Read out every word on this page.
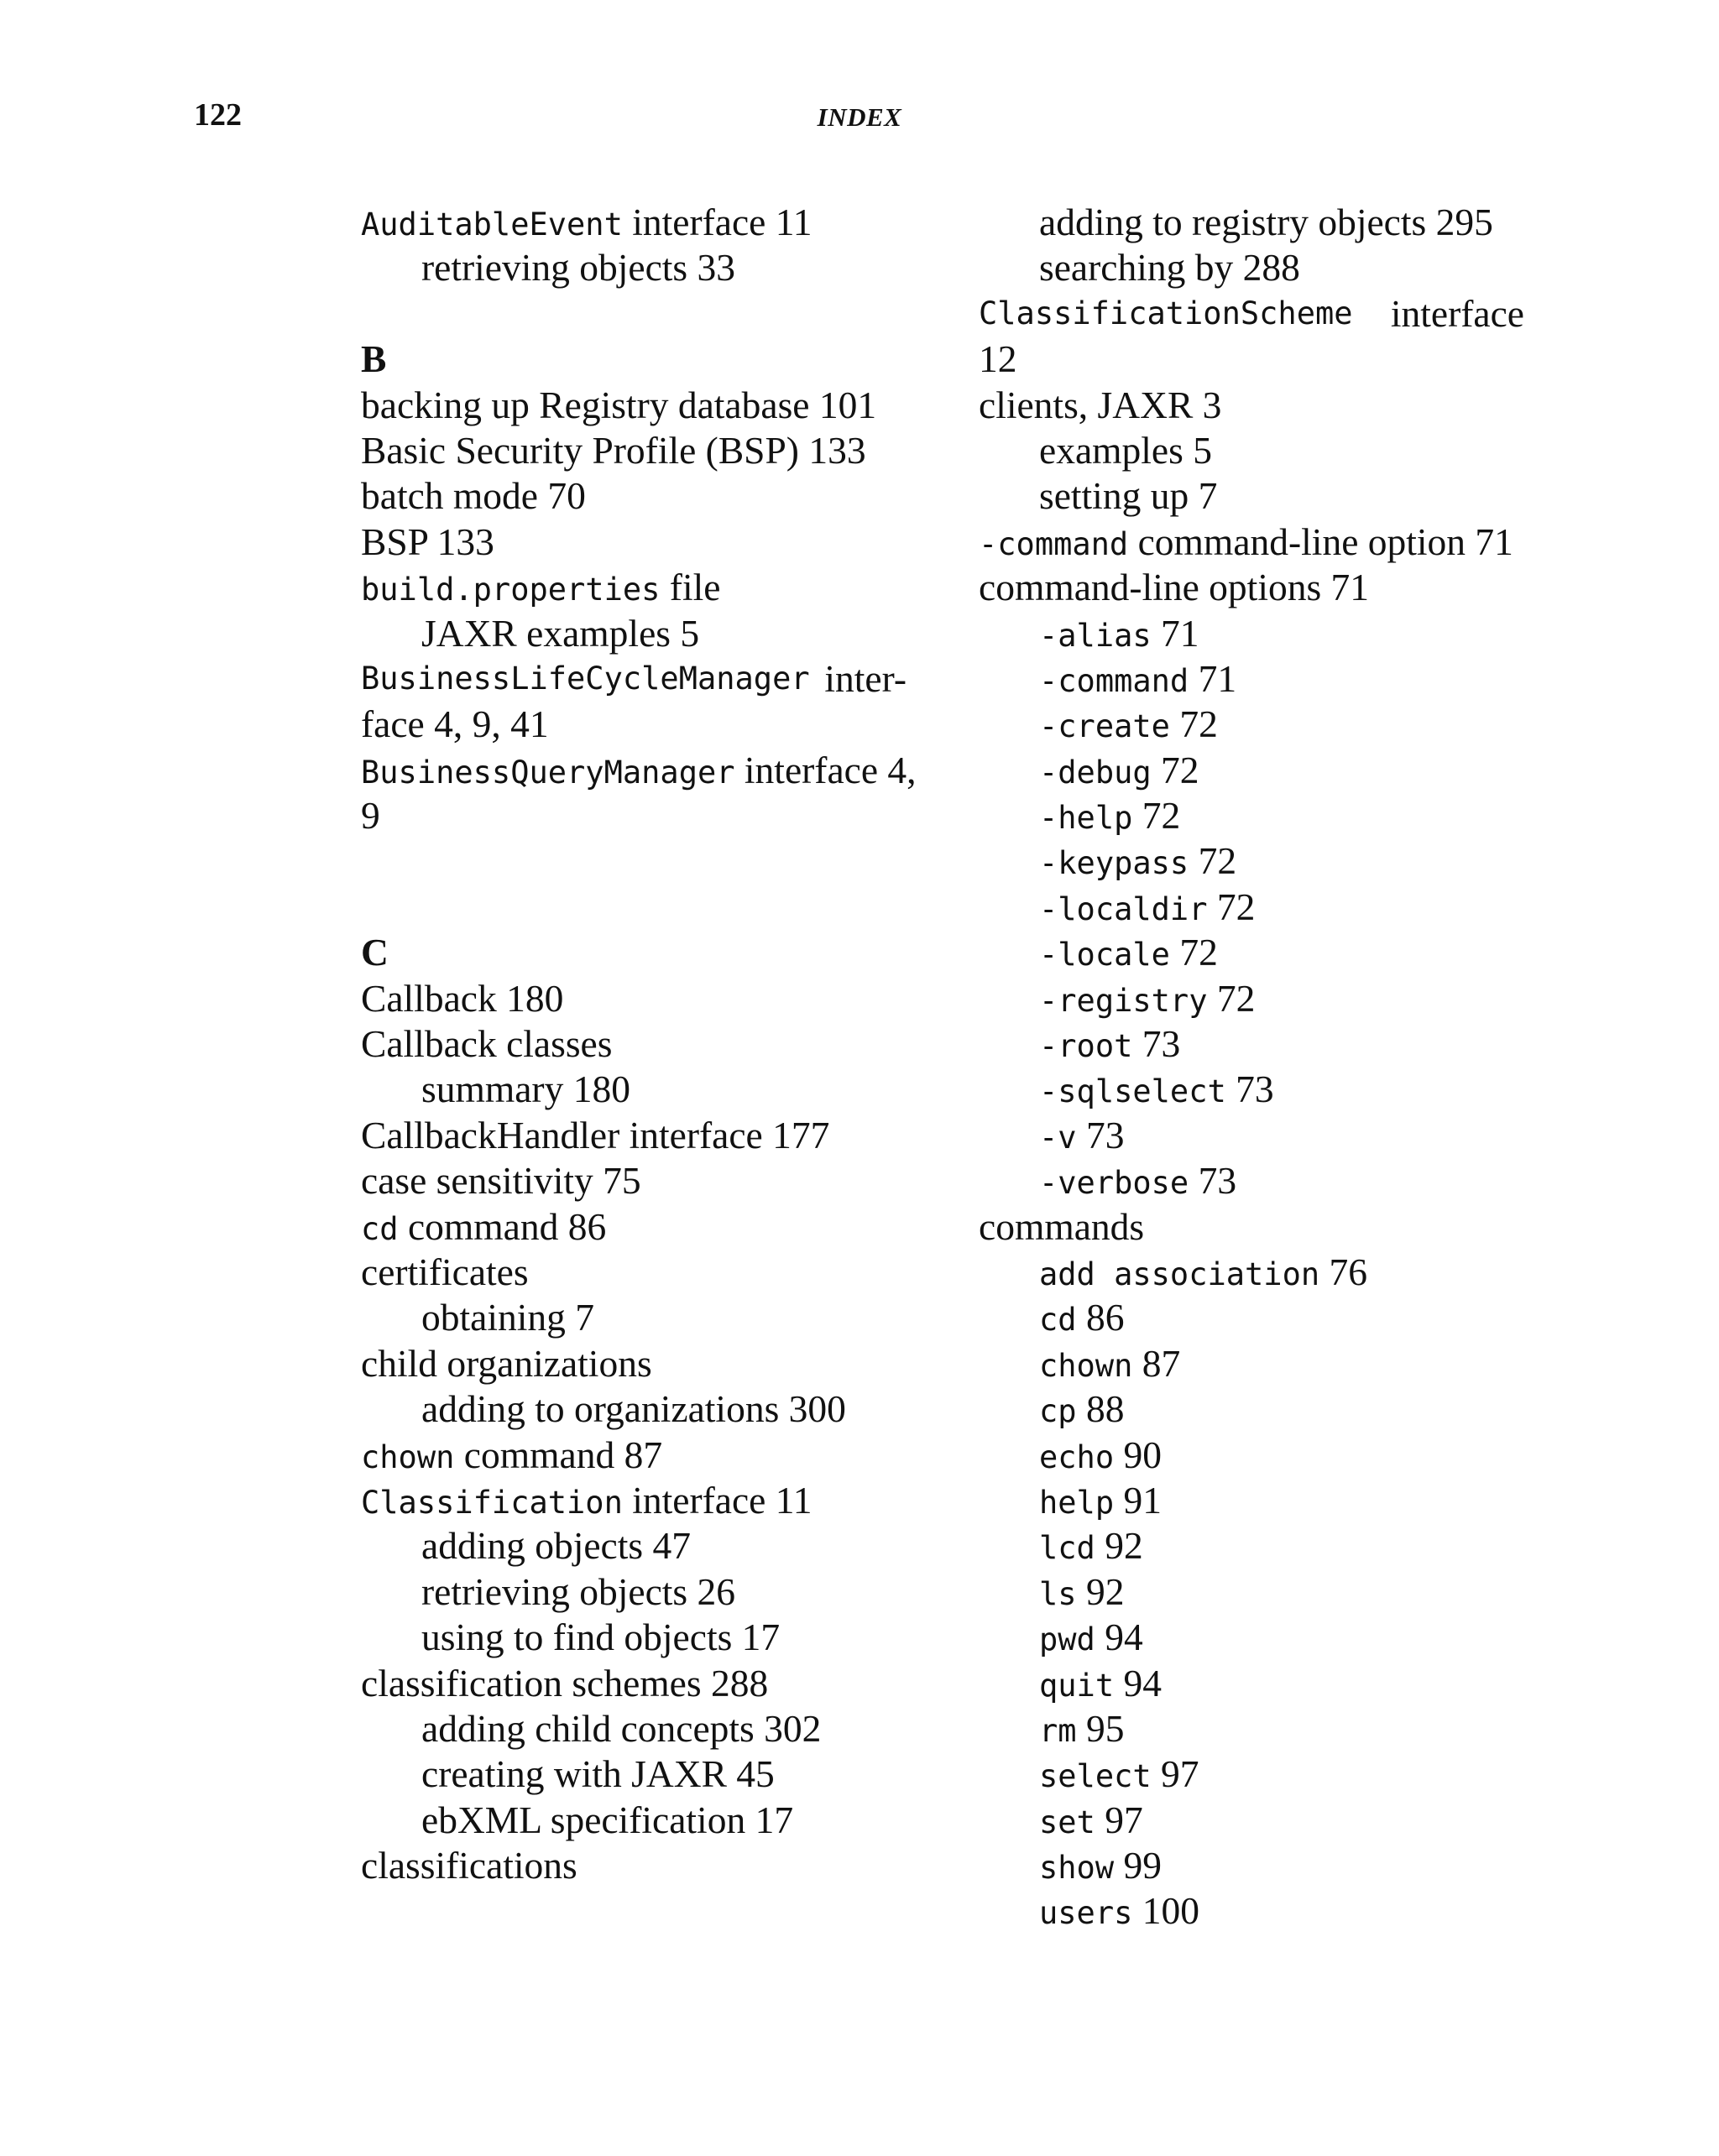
122	INDEX
AuditableEvent interface 11
retrieving objects 33
B
backing up Registry database 101
Basic Security Profile (BSP) 133
batch mode 70
BSP 133
build.properties file
JAXR examples 5
BusinessLifeCycleManager inter-
face 4, 9, 41
BusinessQueryManager interface 4,
9
C
Callback 180
Callback classes
summary 180
CallbackHandler interface 177
case sensitivity 75
cd command 86
certificates
obtaining 7
child organizations
adding to organizations 300
chown command 87
Classification interface 11
adding objects 47
retrieving objects 26
using to find objects 17
classification schemes 288
adding child concepts 302
creating with JAXR 45
ebXML specification 17
classifications
adding to registry objects 295
searching by 288
ClassificationScheme interface
12
clients, JAXR 3
examples 5
setting up 7
-command command-line option 71
command-line options 71
-alias 71
-command 71
-create 72
-debug 72
-help 72
-keypass 72
-localdir 72
-locale 72
-registry 72
-root 73
-sqlselect 73
-v 73
-verbose 73
commands
add association 76
cd 86
chown 87
cp 88
echo 90
help 91
lcd 92
ls 92
pwd 94
quit 94
rm 95
select 97
set 97
show 99
users 100
